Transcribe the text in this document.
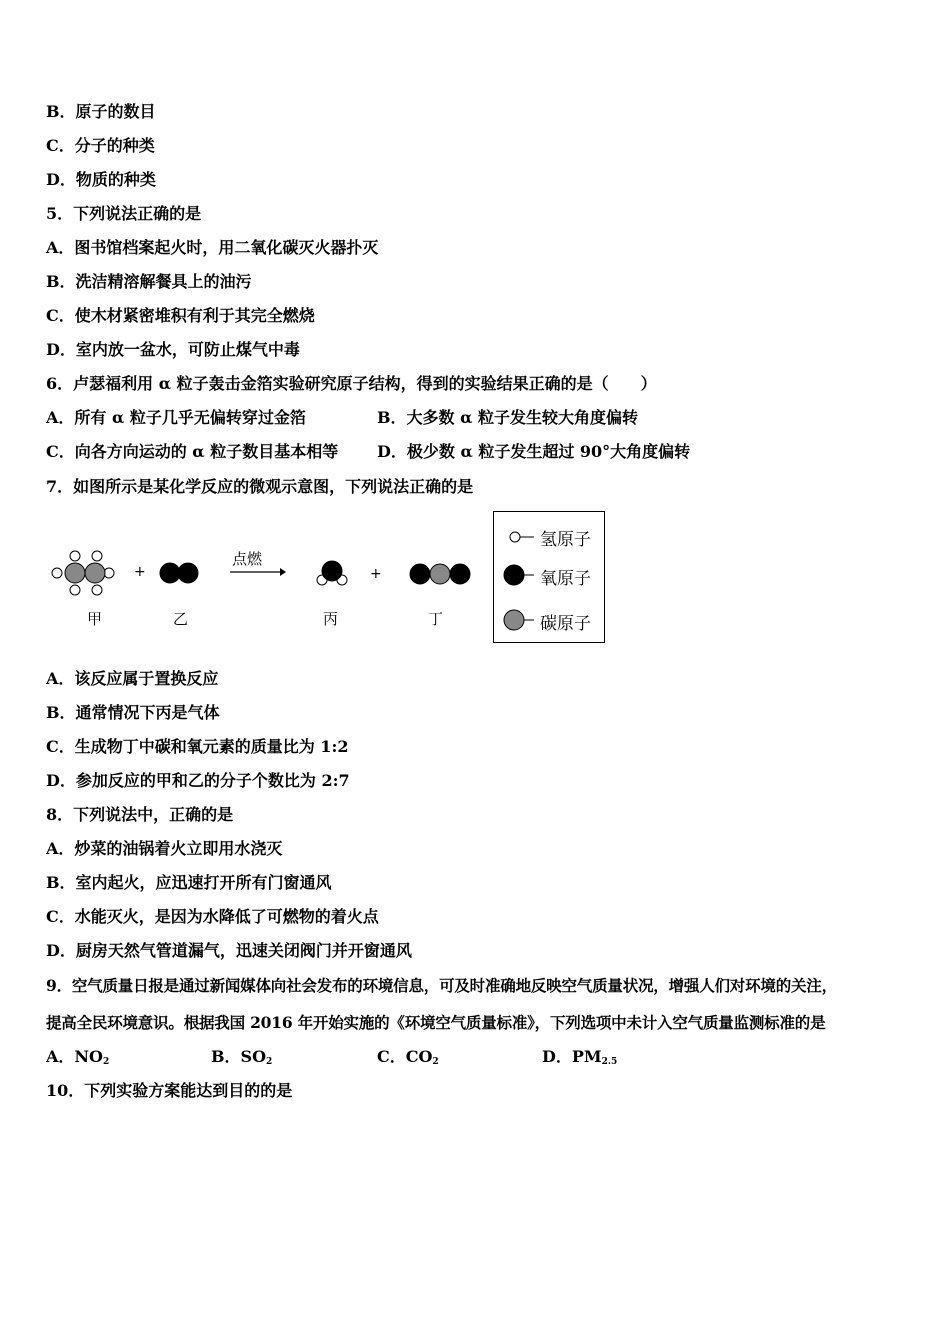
B．原子的数目
C．分子的种类
D．物质的种类
5．下列说法正确的是
A．图书馆档案起火时，用二氧化碳灭火器扑灭
B．洗洁精溶解餐具上的油污
C．使木材紧密堆积有利于其完全燃烧
D．室内放一盆水，可防止煤气中毒
6．卢瑟福利用 α 粒子轰击金箔实验研究原子结构，得到的实验结果正确的是（　　）
A．所有 α 粒子几乎无偏转穿过金箔	B．大多数 α 粒子发生较大角度偏转
C．向各方向运动的 α 粒子数目基本相等 D．极少数 α 粒子发生超过 90°大角度偏转
7．如图所示是某化学反应的微观示意图，下列说法正确的是
+	+
点燃
甲	乙	丙	丁
氢原子
氧原子
碳原子
A．该反应属于置换反应
B．通常情况下丙是气体
C．生成物丁中碳和氧元素的质量比为 1:2
D．参加反应的甲和乙的分子个数比为 2:7
8．下列说法中，正确的是
A．炒菜的油锅着火立即用水浇灭
B．室内起火，应迅速打开所有门窗通风
C．水能灭火，是因为水降低了可燃物的着火点
D．厨房天然气管道漏气，迅速关闭阀门并开窗通风
9．空气质量日报是通过新闻媒体向社会发布的环境信息，可及时准确地反映空气质量状况，增强人们对环境的关注，
提高全民环境意识。根据我国 2016 年开始实施的《环境空气质量标准》，下列选项中未计入空气质量监测标准的是
A．$NO_2$	B．$SO_2$	C．$CO_2$	D．$PM_{2.5}$
10．下列实验方案能达到目的的是
